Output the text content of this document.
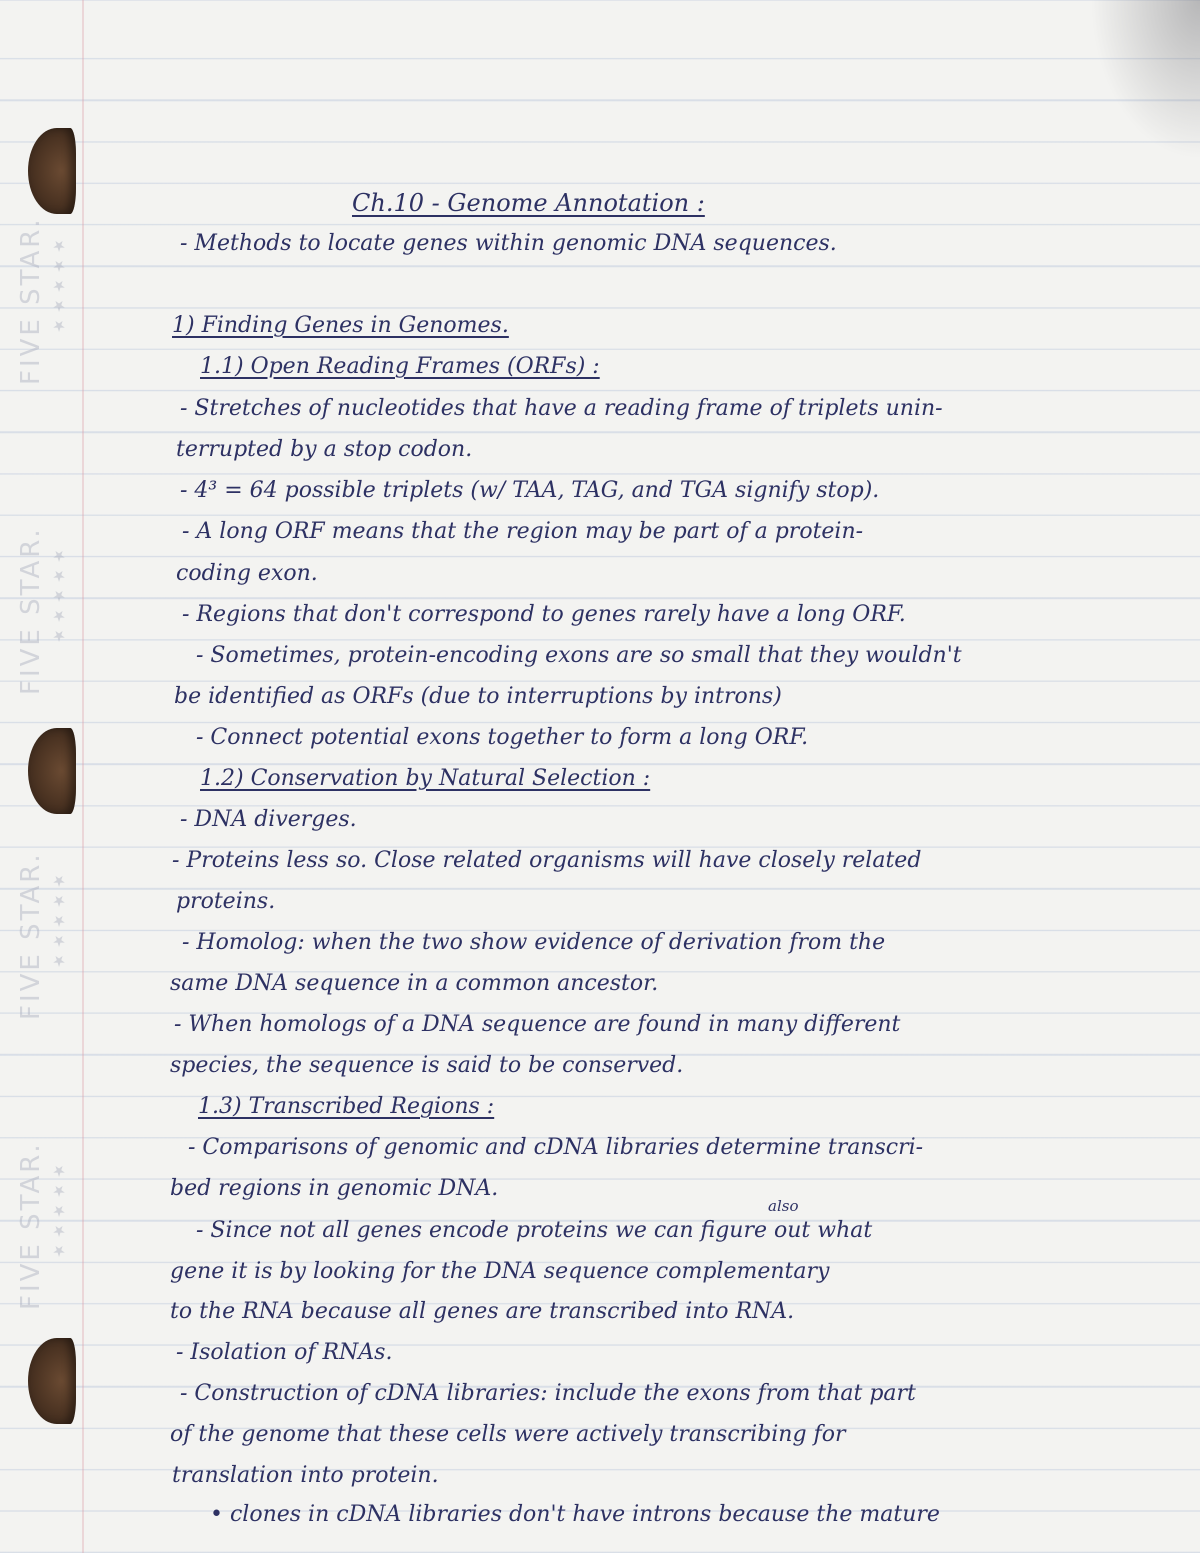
FIVE STAR. ★★★★★
FIVE STAR. ★★★★★
FIVE STAR. ★★★★★
FIVE STAR. ★★★★★
Ch.10 - Genome Annotation :
- Methods to locate genes within genomic DNA sequences.
1) Finding Genes in Genomes.
1.1) Open Reading Frames (ORFs) :
- Stretches of nucleotides that have a reading frame of triplets unin-
terrupted by a stop codon.
- 4³ = 64 possible triplets (w/ TAA, TAG, and TGA signify stop).
- A long ORF means that the region may be part of a protein-
coding exon.
- Regions that don't correspond to genes rarely have a long ORF.
- Sometimes, protein-encoding exons are so small that they wouldn't
be identified as ORFs (due to interruptions by introns)
- Connect potential exons together to form a long ORF.
1.2) Conservation by Natural Selection :
- DNA diverges.
- Proteins less so. Close related organisms will have closely related
proteins.
- Homolog: when the two show evidence of derivation from the
same DNA sequence in a common ancestor.
- When homologs of a DNA sequence are found in many different
species, the sequence is said to be conserved.
1.3) Transcribed Regions :
- Comparisons of genomic and cDNA libraries determine transcri-
bed regions in genomic DNA.
also
- Since not all genes encode proteins we can figure out what
gene it is by looking for the DNA sequence complementary
to the RNA because all genes are transcribed into RNA.
- Isolation of RNAs.
- Construction of cDNA libraries: include the exons from that part
of the genome that these cells were actively transcribing for
translation into protein.
• clones in cDNA libraries don't have introns because the mature
